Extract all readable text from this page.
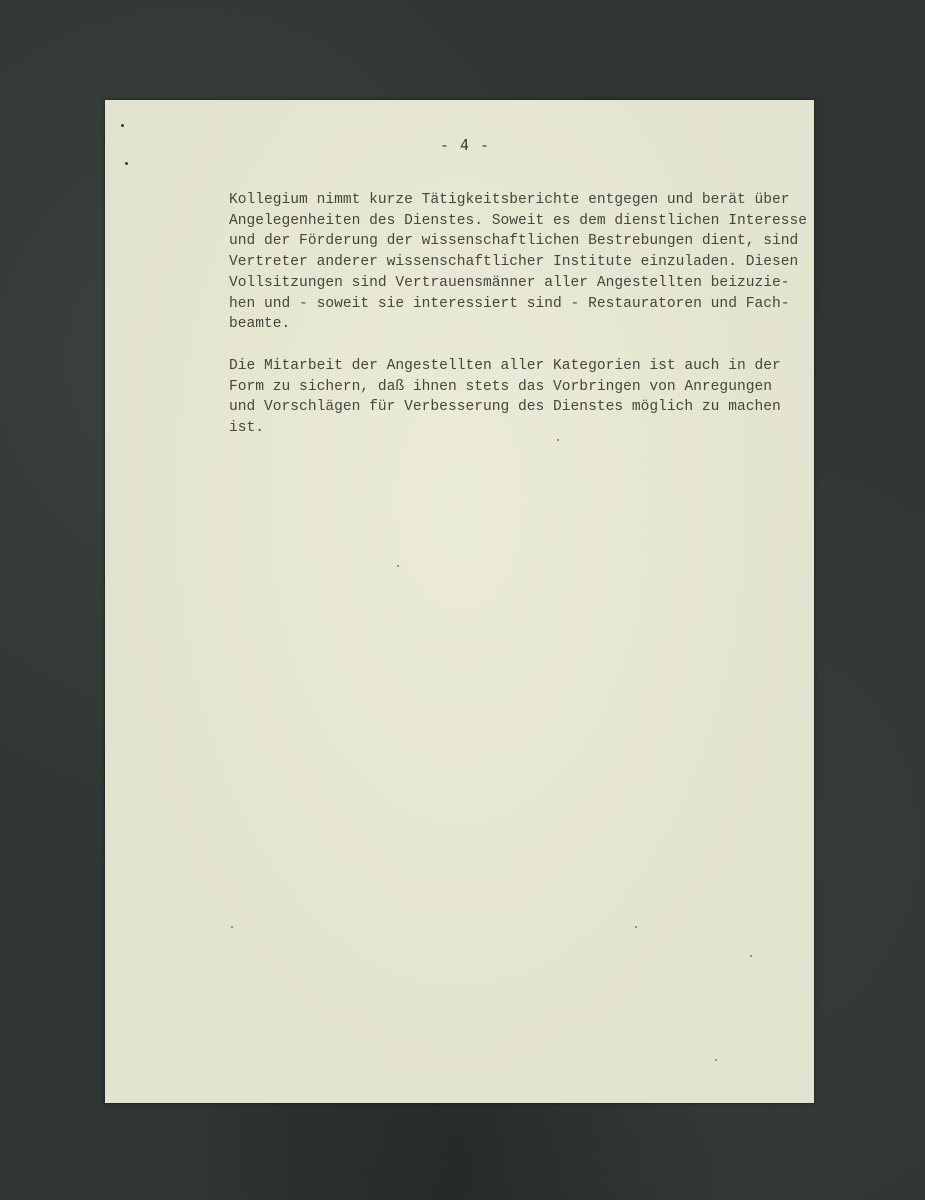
- 4 -

Kollegium nimmt kurze Tätigkeitsberichte entgegen und berät über
Angelegenheiten des Dienstes. Soweit es dem dienstlichen Interesse
und der Förderung der wissenschaftlichen Bestrebungen dient, sind
Vertreter anderer wissenschaftlicher Institute einzuladen. Diesen
Vollsitzungen sind Vertrauensmänner aller Angestellten beizuzie-
hen und - soweit sie interessiert sind - Restauratoren und Fach-
beamte.

Die Mitarbeit der Angestellten aller Kategorien ist auch in der
Form zu sichern, daß ihnen stets das Vorbringen von Anregungen
und Vorschlägen für Verbesserung des Dienstes möglich zu machen
ist.
